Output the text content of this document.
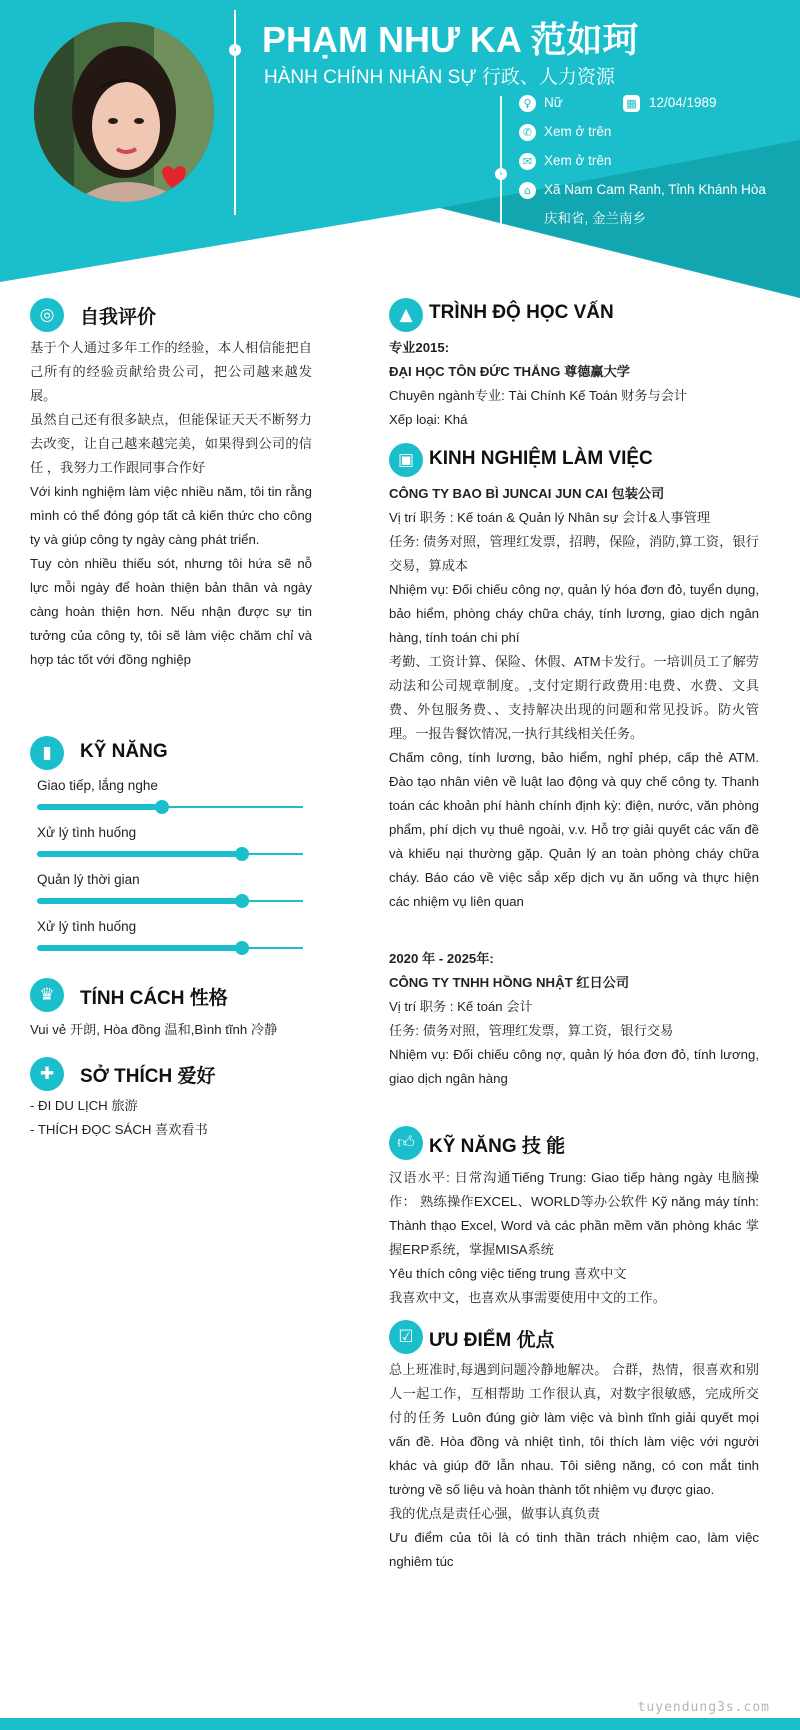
›
›
PHẠM NHƯ KA 范如珂
HÀNH CHÍNH NHÂN SỰ 行政、人力资源
♀ Nữ	▦ 12/04/1989
✆ Xem ở trên
✉ Xem ở trên
⌂ Xã Nam Cam Ranh, Tỉnh Khánh Hòa
庆和省, 金兰南乡
◎	自我评价

基于个人通过多年工作的经验，本人相信能把自己所有的经验贡献给贵公司，把公司越来越发展。

虽然自己还有很多缺点，但能保证天天不断努力去改变，让自己越来越完美，如果得到公司的信任 ，我努力工作跟同事合作好

Với kinh nghiệm làm việc nhiều năm, tôi tin rằng mình có thể đóng góp tất cả kiến thức cho công ty và giúp công ty ngày càng phát triển.

Tuy còn nhiều thiếu sót, nhưng tôi hứa sẽ nỗ lực mỗi ngày để hoàn thiện bản thân và ngày càng hoàn thiện hơn. Nếu nhận được sự tin tưởng của công ty, tôi sẽ làm việc chăm chỉ và hợp tác tốt với đồng nghiệp

▮	KỸ NĂNG
Giao tiếp, lắng nghe
Xử lý tình huống
Quản lý thời gian
Xử lý tình huống
♛	TÍNH CÁCH 性格
Vui vẻ 开朗, Hòa đồng 温和,Bình tĩnh 冷静
✚	SỞ THÍCH 爱好

- ĐI DU LỊCH 旅游

- THÍCH ĐỌC SÁCH 喜欢看书

▲ TRÌNH ĐỘ HỌC VẤN

专业2015:

ĐẠI HỌC TÔN ĐỨC THẮNG 尊德赢大学

Chuyên ngành专业: Tài Chính Kế Toán 财务与会计

Xếp loại: Khá

▣ KINH NGHIỆM LÀM VIỆC

CÔNG TY BAO BÌ JUNCAI JUN CAI 包装公司

Vị trí 职务 : Kế toán & Quản lý Nhân sự 会计&人事管理

任务: 债务对照，管理红发票，招聘，保险，消防,算工资，银行交易，算成本

Nhiệm vụ: Đối chiếu công nợ, quản lý hóa đơn đỏ, tuyển dụng, bảo hiểm, phòng cháy chữa cháy, tính lương, giao dịch ngân hàng, tính toán chi phí

考勤、工资计算、保险、休假、ATM卡发行。一培训员工了解劳动法和公司规章制度。,支付定期行政费用:电费、水费、文具费、外包服务费、、支持解决出现的问题和常见投诉。防火管理。一报告餐饮情况,一执行其线相关任务。

Chấm công, tính lương, bảo hiểm, nghỉ phép, cấp thẻ ATM. Đào tạo nhân viên về luật lao động và quy chế công ty. Thanh toán các khoản phí hành chính định kỳ: điện, nước, văn phòng phẩm, phí dịch vụ thuê ngoài, v.v. Hỗ trợ giải quyết các vấn đề và khiếu nại thường gặp. Quản lý an toàn phòng cháy chữa cháy. Báo cáo về việc sắp xếp dịch vụ ăn uống và thực hiện các nhiệm vụ liên quan

2020 年 - 2025年:

CÔNG TY TNHH HỒNG NHẬT 红日公司

Vị trí 职务 : Kế toán 会计

任务: 债务对照，管理红发票，算工资，银行交易

Nhiệm vụ: Đối chiếu công nợ, quản lý hóa đơn đỏ, tính lương, giao dịch ngân hàng

👍︎ KỸ NĂNG 技 能

汉语水平: 日常沟通Tiếng Trung: Giao tiếp hàng ngày 电脑操作： 熟练操作EXCEL、WORLD等办公软件 Kỹ năng máy tính: Thành thạo Excel, Word và các phần mềm văn phòng khác 掌握ERP系统，掌握MISA系统

Yêu thích công việc tiếng trung 喜欢中文

我喜欢中文，也喜欢从事需要使用中文的工作。

☑ ƯU ĐIỂM 优点

总上班准时,每遇到问题冷静地解决。 合群，热情，很喜欢和别人一起工作，互相帮助 工作很认真，对数字很敏感，完成所交付的任务 Luôn đúng giờ làm việc và bình tĩnh giải quyết mọi vấn đề. Hòa đồng và nhiệt tình, tôi thích làm việc với người khác và giúp đỡ lẫn nhau. Tôi siêng năng, có con mắt tinh tường về số liệu và hoàn thành tốt nhiệm vụ được giao.

我的优点是责任心强，做事认真负责

Ưu điểm của tôi là có tinh thần trách nhiệm cao, làm việc nghiêm túc

tuyendung3s.com
